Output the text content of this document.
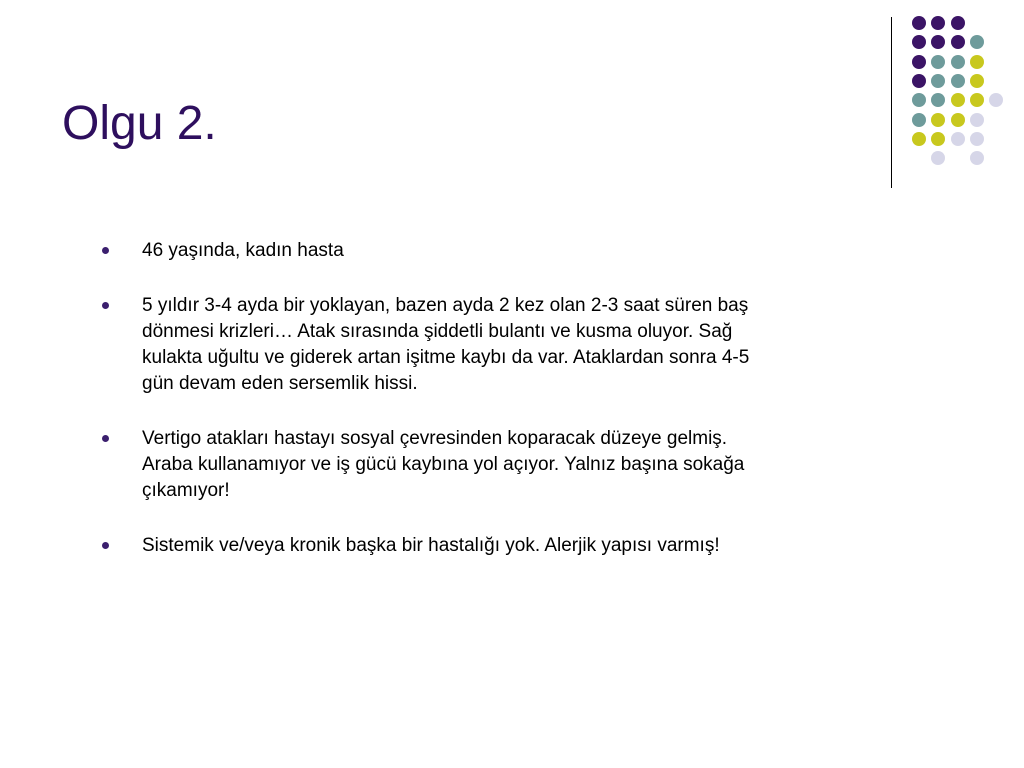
Olgu 2.
46 yaşında, kadın hasta
5 yıldır 3-4 ayda bir yoklayan, bazen ayda 2 kez olan 2-3 saat süren baş
dönmesi krizleri… Atak sırasında şiddetli bulantı ve kusma oluyor. Sağ
kulakta uğultu ve giderek artan işitme kaybı da var. Ataklardan sonra 4-5
gün devam eden sersemlik hissi.
Vertigo atakları hastayı sosyal çevresinden koparacak düzeye gelmiş.
Araba kullanamıyor ve iş gücü kaybına yol açıyor. Yalnız başına sokağa
çıkamıyor!
Sistemik ve/veya kronik başka bir hastalığı yok. Alerjik yapısı varmış!
